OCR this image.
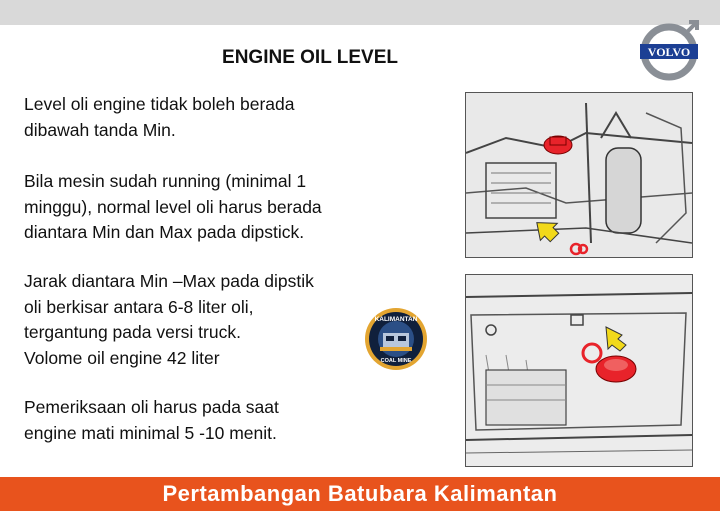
ENGINE OIL LEVEL
Level oli engine tidak boleh berada
dibawah tanda Min.
Bila mesin sudah running (minimal 1
minggu), normal level oli harus berada
diantara Min dan Max pada dipstick.
Jarak diantara Min –Max pada dipstik
oli berkisar antara 6-8 liter oli,
tergantung pada versi truck.
Volome oil engine 42 liter
Pemeriksaan oli harus pada saat
engine mati minimal 5 -10 menit.
VOLVO
KALIMANTAN
COAL MINE
Pertambangan Batubara Kalimantan
